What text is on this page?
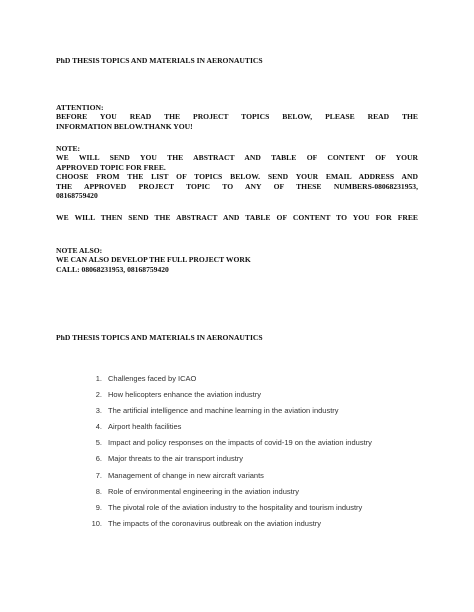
PhD THESIS TOPICS AND MATERIALS IN AERONAUTICS
ATTENTION:
BEFORE YOU READ THE PROJECT TOPICS BELOW, PLEASE READ THE
INFORMATION BELOW.THANK YOU!
NOTE:
WE WILL SEND YOU THE ABSTRACT AND TABLE OF CONTENT OF YOUR
APPROVED TOPIC FOR FREE.
CHOOSE FROM THE LIST OF TOPICS BELOW. SEND YOUR EMAIL ADDRESS AND
THE APPROVED PROJECT TOPIC TO ANY OF THESE NUMBERS-08068231953,
08168759420
WE WILL THEN SEND THE ABSTRACT AND TABLE OF CONTENT TO YOU FOR FREE
NOTE ALSO:
WE CAN ALSO DEVELOP THE FULL PROJECT WORK
CALL: 08068231953, 08168759420
PhD THESIS TOPICS AND MATERIALS IN AERONAUTICS
1. Challenges faced by ICAO
2. How helicopters enhance the aviation industry
3. The artificial intelligence and machine learning in the aviation industry
4. Airport health facilities
5. Impact and policy responses on the impacts of covid-19 on the aviation industry
6. Major threats to the air transport industry
7. Management of change in new aircraft variants
8. Role of environmental engineering in the aviation industry
9. The pivotal role of the aviation industry to the hospitality and tourism industry
10. The impacts of the coronavirus outbreak on the aviation industry
